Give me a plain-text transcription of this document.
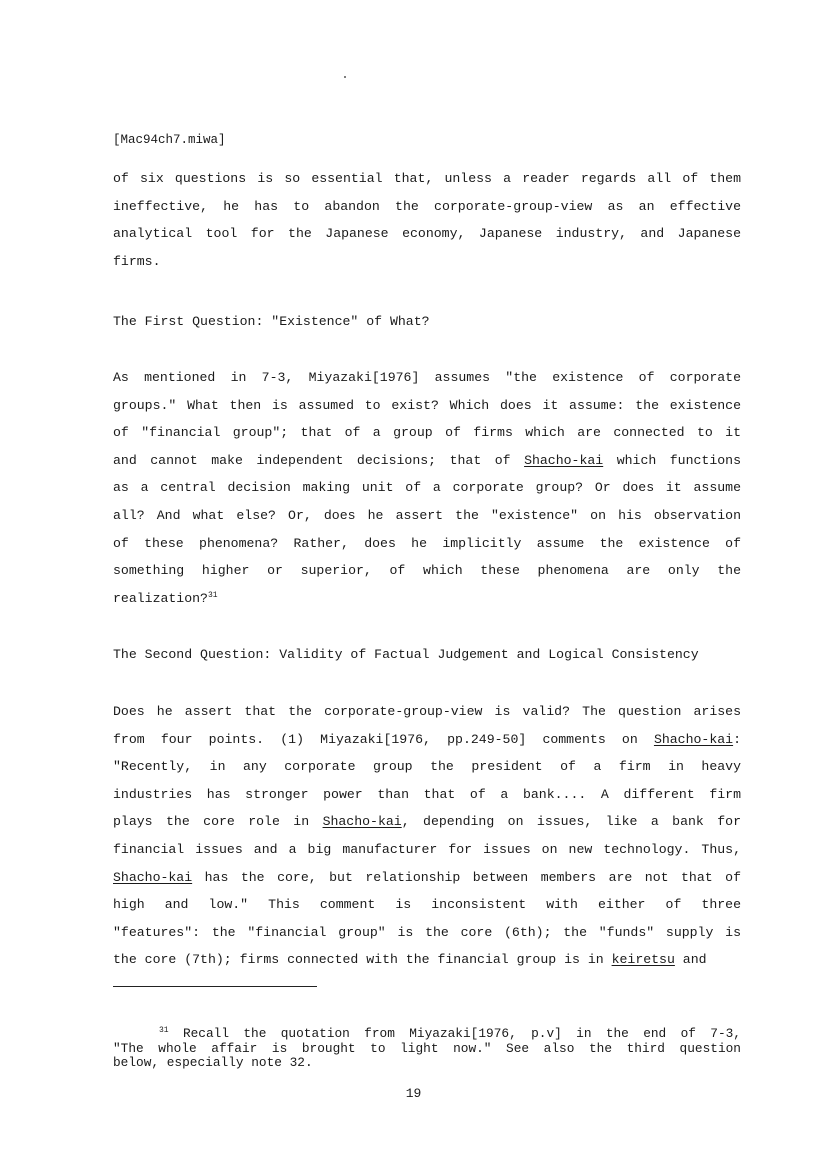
[Mac94ch7.miwa]
of six questions is so essential that, unless a reader regards all of them
ineffective, he has to abandon the corporate-group-view as an effective
analytical tool for the Japanese economy, Japanese industry, and Japanese
firms.
The First Question: "Existence" of What?
As mentioned in 7-3, Miyazaki[1976] assumes "the existence of corporate
groups." What then is assumed to exist? Which does it assume: the existence
of "financial group"; that of a group of firms which are connected to it
and cannot make independent decisions; that of Shacho-kai which functions
as a central decision making unit of a corporate group? Or does it assume
all? And what else? Or, does he assert the "existence" on his observation
of these phenomena? Rather, does he implicitly assume the existence of
something higher or superior, of which these phenomena are only the
realization?$^{31}$
The Second Question: Validity of Factual Judgement and Logical Consistency
Does he assert that the corporate-group-view is valid? The question arises
from four points. (1) Miyazaki[1976, pp.249-50] comments on Shacho-kai:
"Recently, in any corporate group the president of a firm in heavy
industries has stronger power than that of a bank.... A different firm
plays the core role in Shacho-kai, depending on issues, like a bank for
financial issues and a big manufacturer for issues on new technology. Thus,
Shacho-kai has the core, but relationship between members are not that of
high and low." This comment is inconsistent with either of three
"features": the "financial group" is the core (6th); the "funds" supply is
the core (7th); firms connected with the financial group is in keiretsu and
$^{31}$ Recall the quotation from Miyazaki[1976, p.v] in the end of 7-3,
"The whole affair is brought to light now." See also the third question
below, especially note 32.
19
